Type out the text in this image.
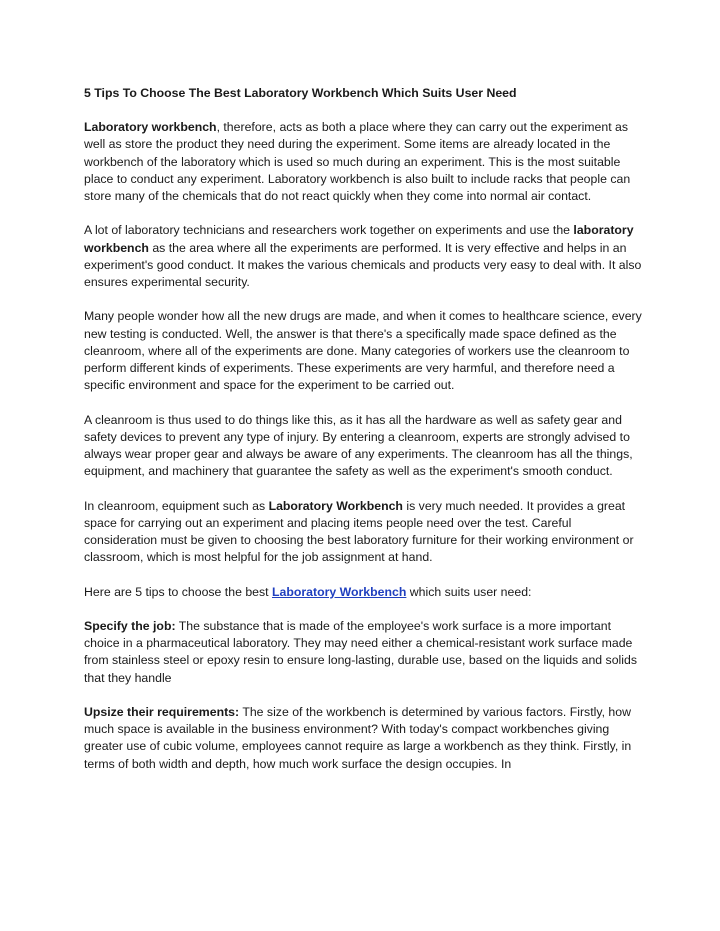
5 Tips To Choose The Best Laboratory Workbench Which Suits User Need

Laboratory workbench, therefore, acts as both a place where they can carry out the experiment as well as store the product they need during the experiment. Some items are already located in the workbench of the laboratory which is used so much during an experiment. This is the most suitable place to conduct any experiment. Laboratory workbench is also built to include racks that people can store many of the chemicals that do not react quickly when they come into normal air contact.

A lot of laboratory technicians and researchers work together on experiments and use the laboratory workbench as the area where all the experiments are performed. It is very effective and helps in an experiment's good conduct. It makes the various chemicals and products very easy to deal with. It also ensures experimental security.

Many people wonder how all the new drugs are made, and when it comes to healthcare science, every new testing is conducted. Well, the answer is that there's a specifically made space defined as the cleanroom, where all of the experiments are done. Many categories of workers use the cleanroom to perform different kinds of experiments. These experiments are very harmful, and therefore need a specific environment and space for the experiment to be carried out.

A cleanroom is thus used to do things like this, as it has all the hardware as well as safety gear and safety devices to prevent any type of injury. By entering a cleanroom, experts are strongly advised to always wear proper gear and always be aware of any experiments. The cleanroom has all the things, equipment, and machinery that guarantee the safety as well as the experiment's smooth conduct.

In cleanroom, equipment such as Laboratory Workbench is very much needed. It provides a great space for carrying out an experiment and placing items people need over the test. Careful consideration must be given to choosing the best laboratory furniture for their working environment or classroom, which is most helpful for the job assignment at hand.

Here are 5 tips to choose the best Laboratory Workbench which suits user need:

Specify the job: The substance that is made of the employee's work surface is a more important choice in a pharmaceutical laboratory. They may need either a chemical-resistant work surface made from stainless steel or epoxy resin to ensure long-lasting, durable use, based on the liquids and solids that they handle

Upsize their requirements: The size of the workbench is determined by various factors. Firstly, how much space is available in the business environment? With today's compact workbenches giving greater use of cubic volume, employees cannot require as large a workbench as they think. Firstly, in terms of both width and depth, how much work surface the design occupies. In
